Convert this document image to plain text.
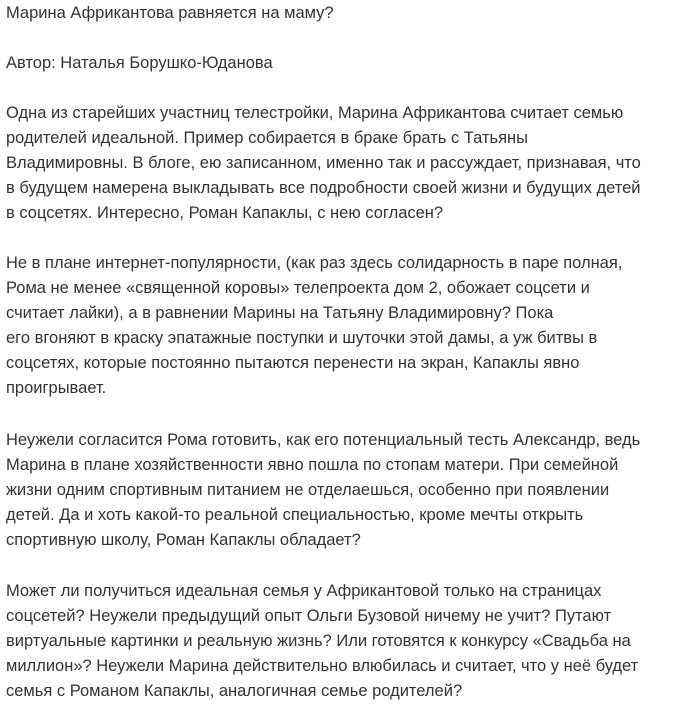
Марина Африкантова равняется на маму?

Автор: Наталья Борушко-Юданова

Одна из старейших участниц телестройки, Марина Африкантова считает семью
родителей идеальной. Пример собирается в браке брать с Татьяны
Владимировны. В блоге, ею записанном, именно так и рассуждает, признавая, что
в будущем намерена выкладывать все подробности своей жизни и будущих детей
в соцсетях. Интересно, Роман Капаклы, с нею согласен?
Не в плане интернет-популярности, (как раз здесь солидарность в паре полная,
Рома не менее «священной коровы» телепроекта дом 2, обожает соцсети и
считает лайки), а в равнении Марины на Татьяну Владимировну? Пока
его вгоняют в краску эпатажные поступки и шуточки этой дамы, а уж битвы в
соцсетях, которые постоянно пытаются перенести на экран, Капаклы явно
проигрывает.
Неужели согласится Рома готовить, как его потенциальный тесть Александр, ведь
Марина в плане хозяйственности явно пошла по стопам матери. При семейной
жизни одним спортивным питанием не отделаешься, особенно при появлении
детей. Да и хоть какой-то реальной специальностью, кроме мечты открыть
спортивную школу, Роман Капаклы обладает?
Может ли получиться идеальная семья у Африкантовой только на страницах
соцсетей? Неужели предыдущий опыт Ольги Бузовой ничему не учит? Путают
виртуальные картинки и реальную жизнь? Или готовятся к конкурсу «Свадьба на
миллион»? Неужели Марина действительно влюбилась и считает, что у неё будет
семья с Романом Капаклы, аналогичная семье родителей?
